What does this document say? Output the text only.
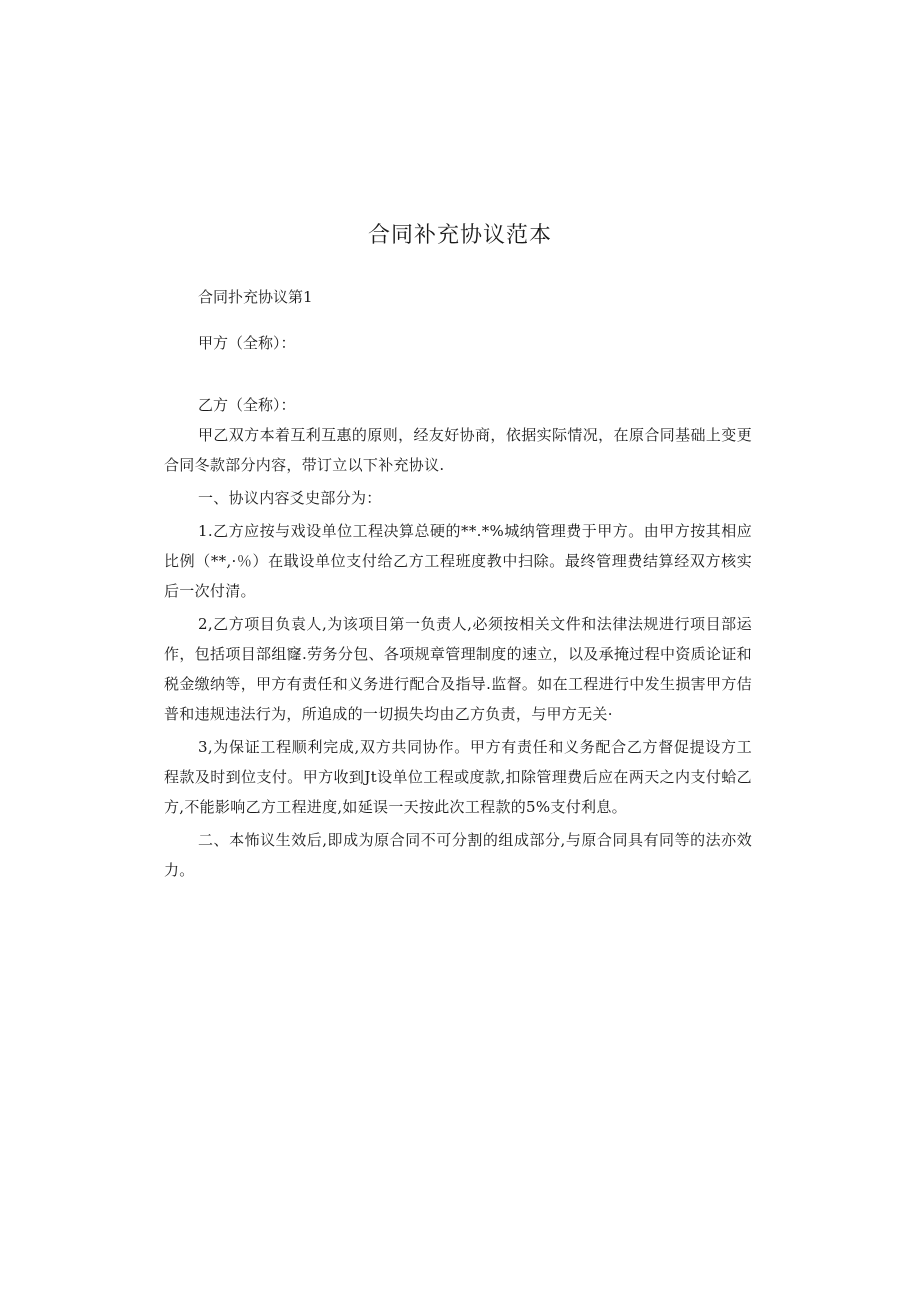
合同补充协议范本

合同扑充协议第1

甲方（全称）：

乙方（全称）：

甲乙双方本着互利互惠的原则，经友好协商，依据实际情况，在原合同基础上变更合同冬款部分内容，带订立以下补充协议.

一、协议内容爻史部分为：

1.乙方应按与戏设单位工程决算总硬的**.*%城纳管理费于甲方。由甲方按其相应比例（**,·％）在戢设单位支付给乙方工程班度教中扫除。最终管理费结算经双方核实后一次付清。

2,乙方项目负袁人,为该项目第一负责人,必须按相关文件和法律法规进行项目部运作，包括项目部组窿.劳务分包、各项规章管理制度的速立，以及承掩过程中资质论证和税金缴纳等，甲方有责任和义务进行配合及指导.监督。如在工程进行中发生损害甲方佶普和违规违法行为，所追成的一切损失均由乙方负责，与甲方无关·

3,为保证工程顺利完成,双方共同协作。甲方有责任和义务配合乙方督促提设方工程款及时到位支付。甲方收到Jt设单位工程或度款,扣除管理费后应在两天之内支付蛤乙方,不能影响乙方工程进度,如延误一天按此次工程款的5%支付利息。

二、本怖议生效后,即成为原合同不可分割的组成部分,与原合同具有同等的法亦效力。
